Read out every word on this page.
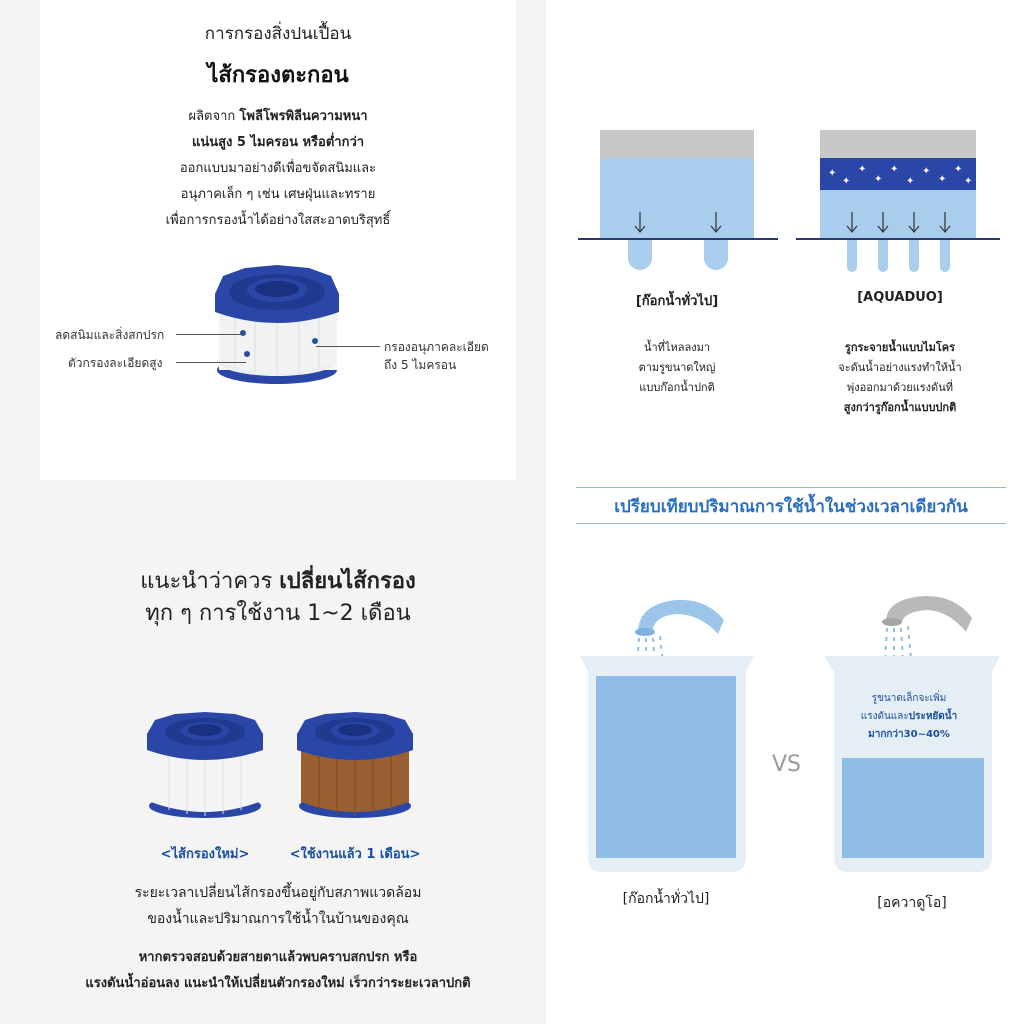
การกรองสิ่งปนเปื้อน
ไส้กรองตะกอน
ผลิตจาก โพลีโพรพิลีนความหนา
แน่นสูง 5 ไมครอน หรือต่ำกว่า
ออกแบบมาอย่างดีเพื่อขจัดสนิมและ
อนุภาคเล็ก ๆ เช่น เศษฝุ่นและทราย
เพื่อการกรองน้ำได้อย่างใสสะอาดบริสุทธิ์
ลดสนิมและสิ่งสกปรก
ตัวกรองละเอียดสูง
กรองอนุภาคละเอียด
ถึง 5 ไมครอน
แนะนำว่าควร เปลี่ยนไส้กรอง
ทุก ๆ การใช้งาน 1~2 เดือน
<ไส้กรองใหม่>	<ใช้งานแล้ว 1 เดือน>
ระยะเวลาเปลี่ยนไส้กรองขึ้นอยู่กับสภาพแวดล้อม
ของน้ำและปริมาณการใช้น้ำในบ้านของคุณ
หากตรวจสอบด้วยสายตาแล้วพบคราบสกปรก หรือ
แรงดันน้ำอ่อนลง แนะนำให้เปลี่ยนตัวกรองใหม่ เร็วกว่าระยะเวลาปกติ
✦
✦
✦
✦
✦
✦
✦
✦
✦
✦
[ก๊อกน้ำทั่วไป]	[AQUADUO]
น้ำที่ไหลลงมา
ตามรูขนาดใหญ่
แบบก๊อกน้ำปกติ
รูกระจายน้ำแบบไมโคร
จะดันน้ำอย่างแรงทำให้น้ำ
พุ่งออกมาด้วยแรงดันที่
สูงกว่ารูก๊อกน้ำแบบปกติ
เปรียบเทียบปริมาณการใช้น้ำในช่วงเวลาเดียวกัน
VS
รูขนาดเล็กจะเพิ่ม
แรงดันและประหยัดน้ำ
มากกว่า30~40%
[ก๊อกน้ำทั่วไป]	[อควาดูโอ]
